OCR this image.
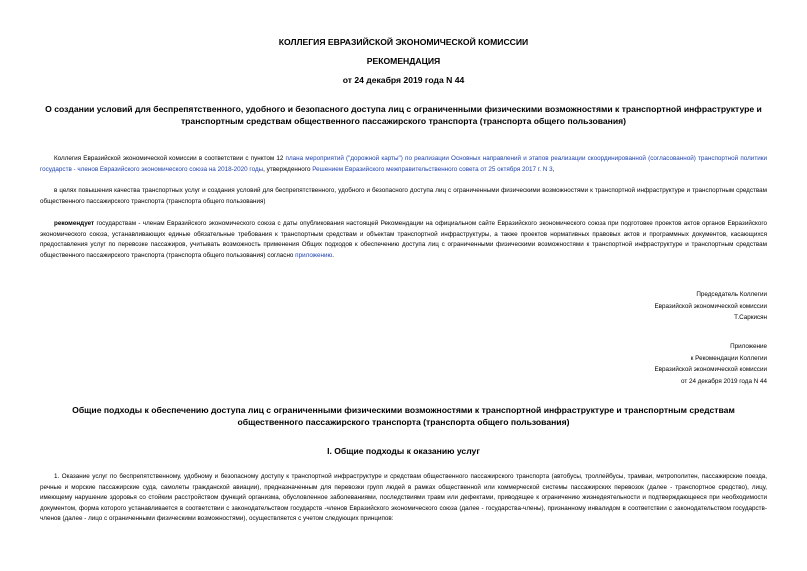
КОЛЛЕГИЯ ЕВРАЗИЙСКОЙ ЭКОНОМИЧЕСКОЙ КОМИССИИ
РЕКОМЕНДАЦИЯ
от 24 декабря 2019 года N 44
О создании условий для беспрепятственного, удобного и безопасного доступа лиц с ограниченными физическими возможностями к транспортной инфраструктуре и транспортным средствам общественного пассажирского транспорта (транспорта общего пользования)
Коллегия Евразийской экономической комиссии в соответствии с пунктом 12 плана мероприятий ("дорожной карты") по реализации Основных направлений и этапов реализации скоординированной (согласованной) транспортной политики государств - членов Евразийского экономического союза на 2018-2020 годы, утвержденного Решением Евразийского межправительственного совета от 25 октября 2017 г. N 3,
в целях повышения качества транспортных услуг и создания условий для беспрепятственного, удобного и безопасного доступа лиц с ограниченными физическими возможностями к транспортной инфраструктуре и транспортным средствам общественного пассажирского транспорта (транспорта общего пользования)
рекомендует государствам - членам Евразийского экономического союза с даты опубликования настоящей Рекомендации на официальном сайте Евразийского экономического союза при подготовке проектов актов органов Евразийского экономического союза, устанавливающих единые обязательные требования к транспортным средствам и объектам транспортной инфраструктуры, а также проектов нормативных правовых актов и программных документов, касающихся предоставления услуг по перевозке пассажиров, учитывать возможность применения Общих подходов к обеспечению доступа лиц с ограниченными физическими возможностями к транспортной инфраструктуре и транспортным средствам общественного пассажирского транспорта (транспорта общего пользования) согласно приложению.
Председатель Коллегии
Евразийской экономической комиссии
Т.Саркисян
Приложение
к Рекомендации Коллегии
Евразийской экономической комиссии
от 24 декабря 2019 года N 44
Общие подходы к обеспечению доступа лиц с ограниченными физическими возможностями к транспортной инфраструктуре и транспортным средствам общественного пассажирского транспорта (транспорта общего пользования)
I. Общие подходы к оказанию услуг
1. Оказание услуг по беспрепятственному, удобному и безопасному доступу к транспортной инфраструктуре и средствам общественного пассажирского транспорта (автобусы, троллейбусы, трамваи, метрополитен, пассажирские поезда, речные и морские пассажирские суда, самолеты гражданской авиации), предназначенным для перевозки групп людей в рамках общественной или коммерческой системы пассажирских перевозок (далее - транспортное средство), лицу, имеющему нарушение здоровья со стойким расстройством функций организма, обусловленное заболеваниями, последствиями травм или дефектами, приводящее к ограничению жизнедеятельности и подтверждающееся при необходимости документом, форма которого устанавливается в соответствии с законодательством государств -членов Евразийского экономического союза (далее - государства-члены), признанному инвалидом в соответствии с законодательством государств-членов (далее - лицо с ограниченными физическими возможностями), осуществляется с учетом следующих принципов:
